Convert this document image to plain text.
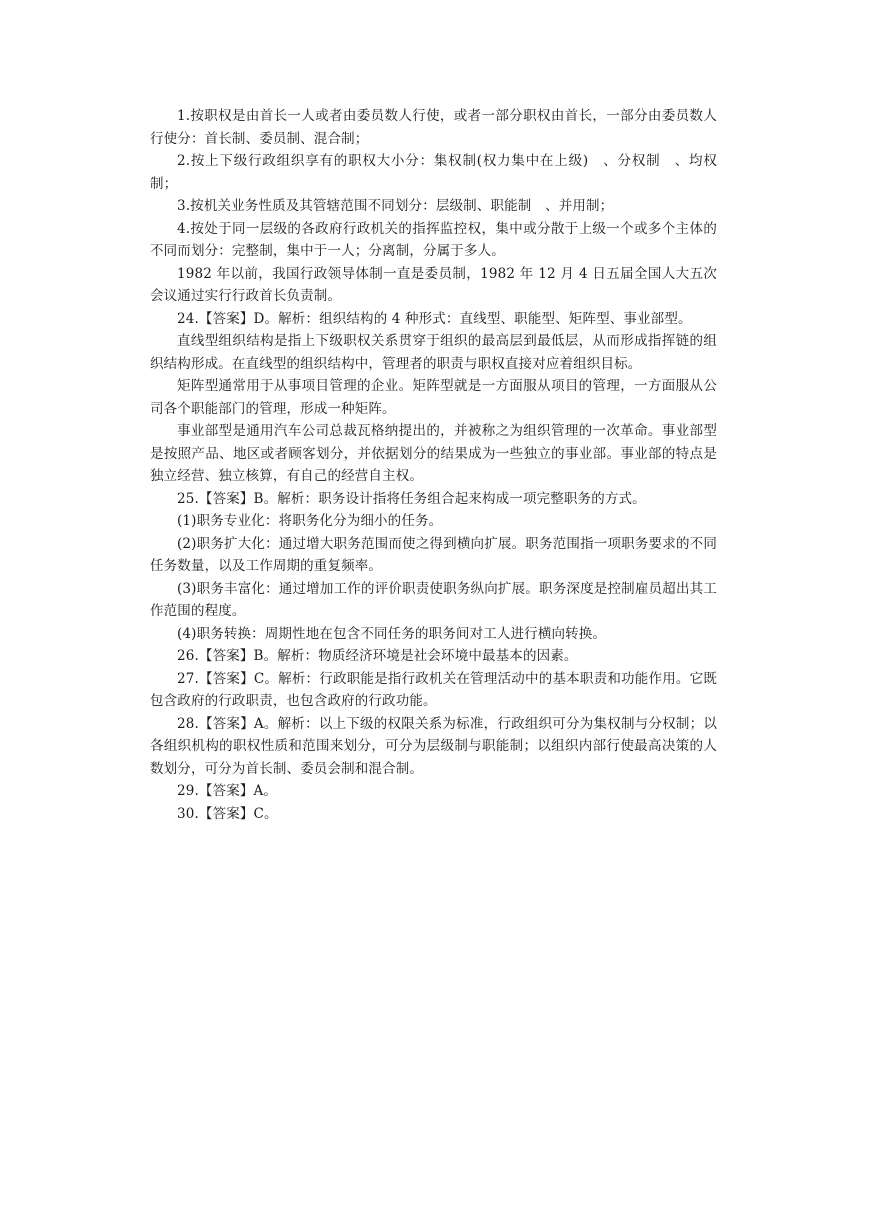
1.按职权是由首长一人或者由委员数人行使，或者一部分职权由首长，一部分由委员数人行使分：首长制、委员制、混合制；

2.按上下级行政组织享有的职权大小分：集权制(权力集中在上级)　、分权制　、均权制；

3.按机关业务性质及其管辖范围不同划分：层级制、职能制　、并用制；

4.按处于同一层级的各政府行政机关的指挥监控权，集中或分散于上级一个或多个主体的不同而划分：完整制，集中于一人；分离制，分属于多人。

1982 年以前，我国行政领导体制一直是委员制，1982 年 12 月 4 日五届全国人大五次会议通过实行行政首长负责制。

24.【答案】D。解析：组织结构的 4 种形式：直线型、职能型、矩阵型、事业部型。

直线型组织结构是指上下级职权关系贯穿于组织的最高层到最低层，从而形成指挥链的组织结构形成。在直线型的组织结构中，管理者的职责与职权直接对应着组织目标。

矩阵型通常用于从事项目管理的企业。矩阵型就是一方面服从项目的管理，一方面服从公司各个职能部门的管理，形成一种矩阵。

事业部型是通用汽车公司总裁瓦格纳提出的，并被称之为组织管理的一次革命。事业部型是按照产品、地区或者顾客划分，并依据划分的结果成为一些独立的事业部。事业部的特点是独立经营、独立核算，有自己的经营自主权。

25.【答案】B。解析：职务设计指将任务组合起来构成一项完整职务的方式。

(1)职务专业化：将职务化分为细小的任务。

(2)职务扩大化：通过增大职务范围而使之得到横向扩展。职务范围指一项职务要求的不同任务数量，以及工作周期的重复频率。

(3)职务丰富化：通过增加工作的评价职责使职务纵向扩展。职务深度是控制雇员超出其工作范围的程度。

(4)职务转换：周期性地在包含不同任务的职务间对工人进行横向转换。

26.【答案】B。解析：物质经济环境是社会环境中最基本的因素。

27.【答案】C。解析：行政职能是指行政机关在管理活动中的基本职责和功能作用。它既包含政府的行政职责，也包含政府的行政功能。

28.【答案】A。解析：以上下级的权限关系为标准，行政组织可分为集权制与分权制；以各组织机构的职权性质和范围来划分，可分为层级制与职能制；以组织内部行使最高决策的人数划分，可分为首长制、委员会制和混合制。

29.【答案】A。

30.【答案】C。
